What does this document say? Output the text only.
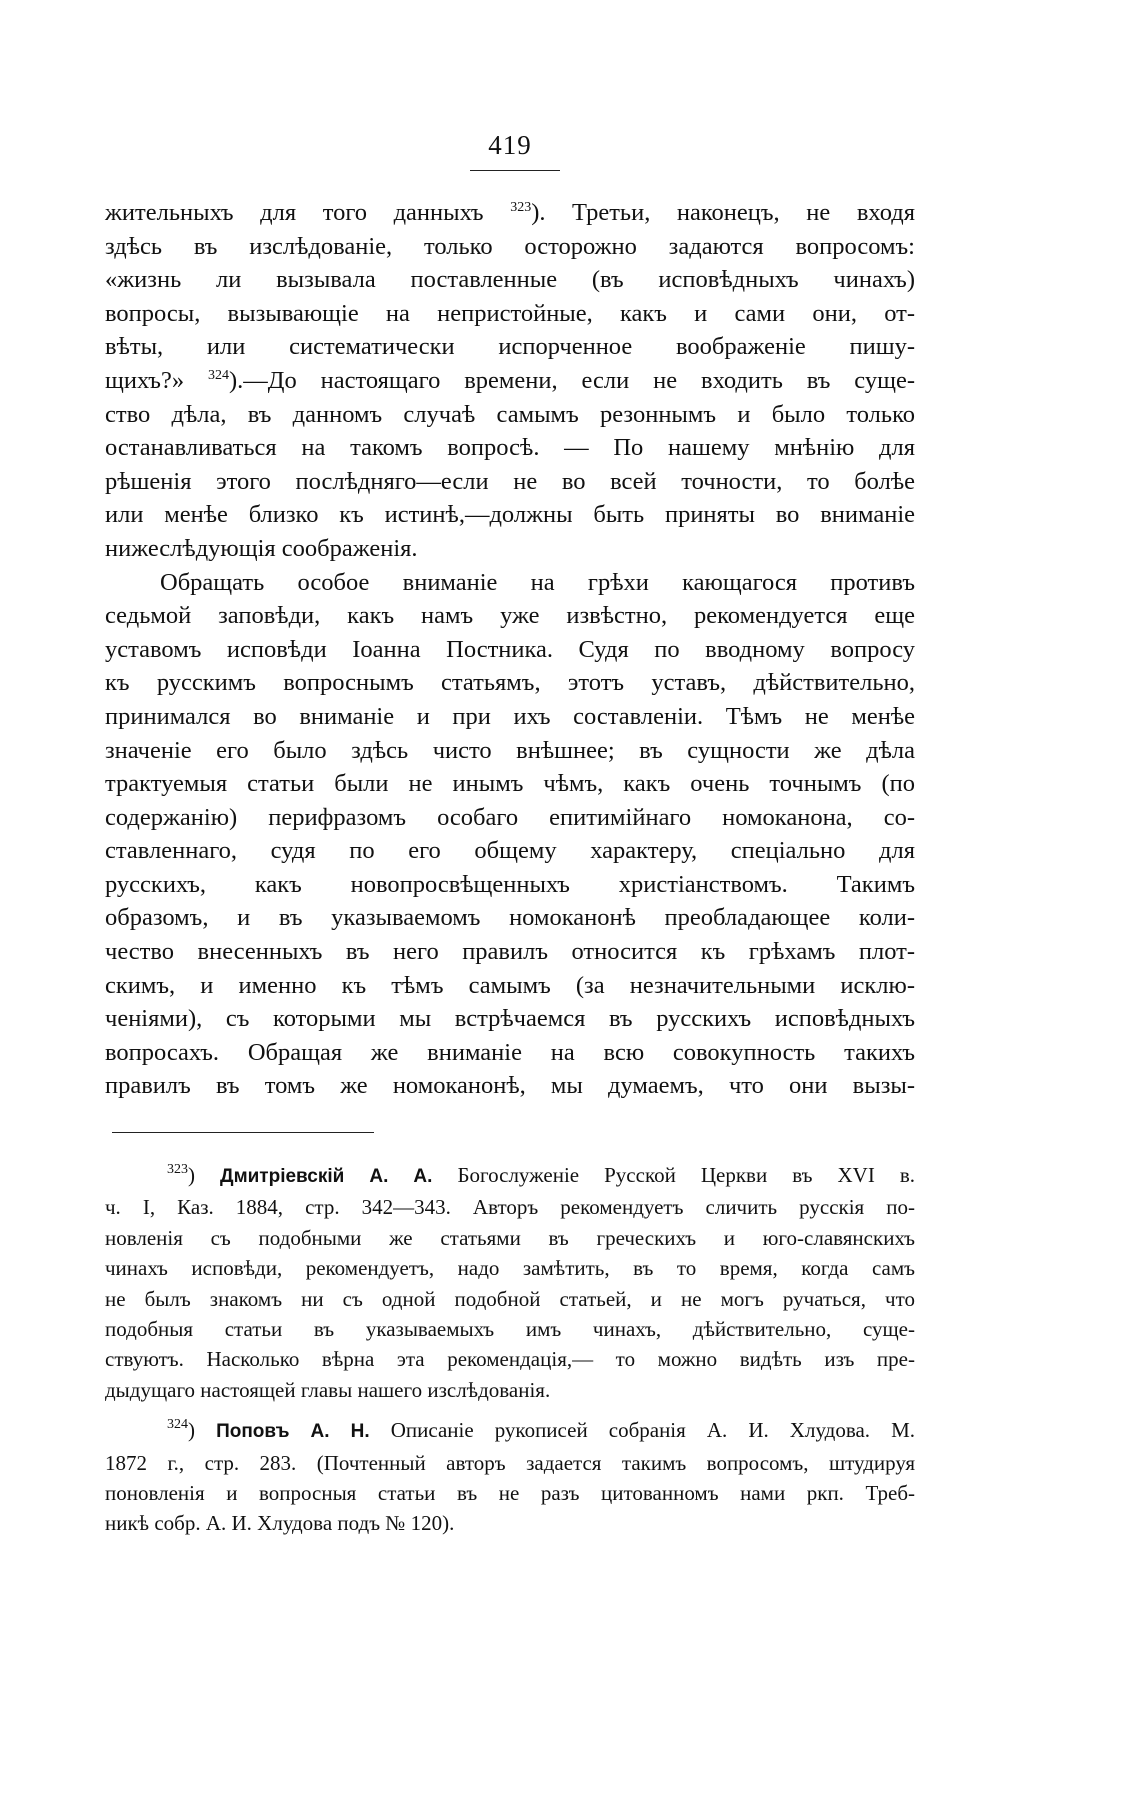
419

жительныхъ для того данныхъ $^{323}$). Третьи, наконецъ, не входя

здѣсь въ изслѣдованіе, только осторожно задаются вопросомъ:

«жизнь ли вызывала поставленные (въ исповѣдныхъ чинахъ)

вопросы, вызывающіе на непристойные, какъ и сами они, от-

вѣты, или систематически испорченное воображеніе пишу-

щихъ?» $^{324}$).—До настоящаго времени, если не входить въ суще-

ство дѣла, въ данномъ случаѣ самымъ резоннымъ и было только

останавливаться на такомъ вопросѣ. — По нашему мнѣнію для

рѣшенія этого послѣдняго—если не во всей точности, то болѣе

или менѣе близко къ истинѣ,—должны быть приняты во вниманіе

нижеслѣдующія соображенія.

Обращать особое вниманіе на грѣхи кающагося противъ

седьмой заповѣди, какъ намъ уже извѣстно, рекомендуется еще

уставомъ исповѣди Іоанна Постника. Судя по вводному вопросу

къ русскимъ вопроснымъ статьямъ, этотъ уставъ, дѣйствительно,

принимался во вниманіе и при ихъ составленіи. Тѣмъ не менѣе

значеніе его было здѣсь чисто внѣшнее; въ сущности же дѣла

трактуемыя статьи были не инымъ чѣмъ, какъ очень точнымъ (по

содержанію) перифразомъ особаго епитимійнаго номоканона, со-

ставленнаго, судя по его общему характеру, спеціально для

русскихъ, какъ новопросвѣщенныхъ христіанствомъ. Такимъ

образомъ, и въ указываемомъ номоканонѣ преобладающее коли-

чество внесенныхъ въ него правилъ относится къ грѣхамъ плот-

скимъ, и именно къ тѣмъ самымъ (за незначительными исклю-

ченіями), съ которыми мы встрѣчаемся въ русскихъ исповѣдныхъ

вопросахъ. Обращая же вниманіе на всю совокупность такихъ

правилъ въ томъ же номоканонѣ, мы думаемъ, что они вызы-

$^{323}$) Дмитріевскій А. А. Богослуженіе Русской Церкви въ XVI в.

ч. I, Каз. 1884, стр. 342—343. Авторъ рекомендуетъ сличить русскія по-

новленія съ подобными же статьями въ греческихъ и юго-славянскихъ

чинахъ исповѣди, рекомендуетъ, надо замѣтить, въ то время, когда самъ

не былъ знакомъ ни съ одной подобной статьей, и не могъ ручаться, что

подобныя статьи въ указываемыхъ имъ чинахъ, дѣйствительно, суще-

ствуютъ. Насколько вѣрна эта рекомендація,— то можно видѣть изъ пре-

дыдущаго настоящей главы нашего изслѣдованія.

$^{324}$) Поповъ А. Н. Описаніе рукописей собранія А. И. Хлудова. М.

1872 г., стр. 283. (Почтенный авторъ задается такимъ вопросомъ, штудируя

поновленія и вопросныя статьи въ не разъ цитованномъ нами ркп. Треб-

никѣ собр. А. И. Хлудова подъ № 120).
